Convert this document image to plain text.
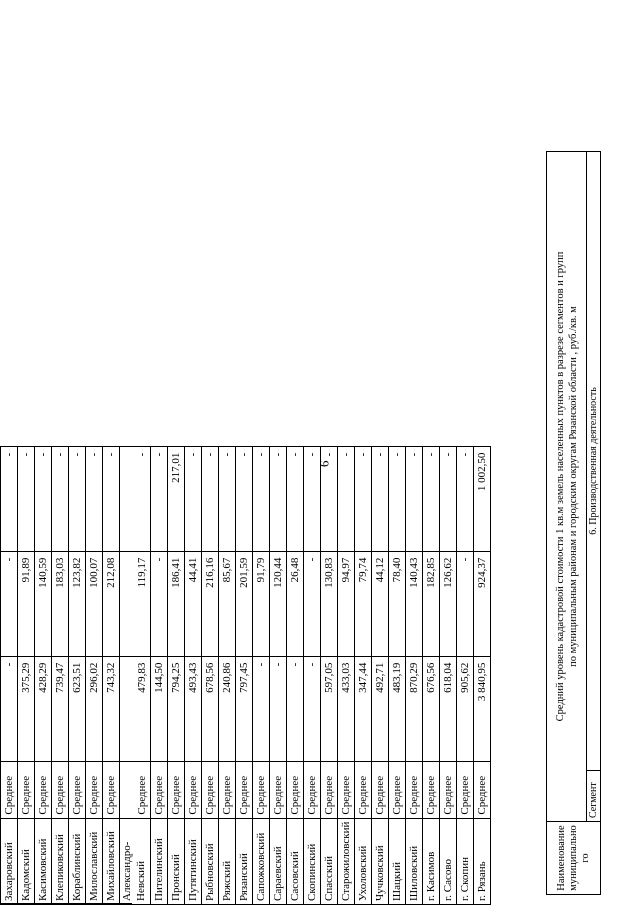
9
Захаровский	Среднее	-	-	-
Кадомский	Среднее	375,29	91,89	-
Касимовский	Среднее	428,29	140,59	-
Клепиковский	Среднее	739,47	183,03	-
Кораблинский	Среднее	623,51	123,82	-
Милославский	Среднее	296,02	100,07	-
Михайловский	Среднее	743,32	212,08	-
Александро-Невский	Среднее	479,83	119,17	-
Пителинский	Среднее	144,50	-	-
Пронский	Среднее	794,25	186,41	217,01
Путятинский	Среднее	493,43	44,41	-
Рыбновский	Среднее	678,56	216,16	-
Ряжский	Среднее	240,86	85,67	-
Рязанский	Среднее	797,45	201,59	-
Сапожковский	Среднее	-	91,79	-
Сараевский	Среднее	-	120,44	-
Сасовский	Среднее	-	26,48	-
Скопинский	Среднее	-	-	-
Спасский	Среднее	597,05	130,83	-
Старожиловский	Среднее	433,03	94,97	-
Ухоловский	Среднее	347,44	79,74	-
Чучковский	Среднее	492,71	44,12	-
Шацкий	Среднее	483,19	78,40	-
Шиловский	Среднее	870,29	140,43	-
г. Касимов	Среднее	676,56	182,85	-
г. Сасово	Среднее	618,04	126,62	-
г. Скопин	Среднее	905,62	-	-
г. Рязань	Среднее	3 840,95	924,37	1 002,50
Наименование муниципально го	Средний уровень кадастровой стоимости 1 кв.м земель населенных пунктов в разрезе сегментов и групп по муниципальным районам и городским округам Рязанской области , руб./кв. м	

	Сегмент	6. Производственная деятельность
